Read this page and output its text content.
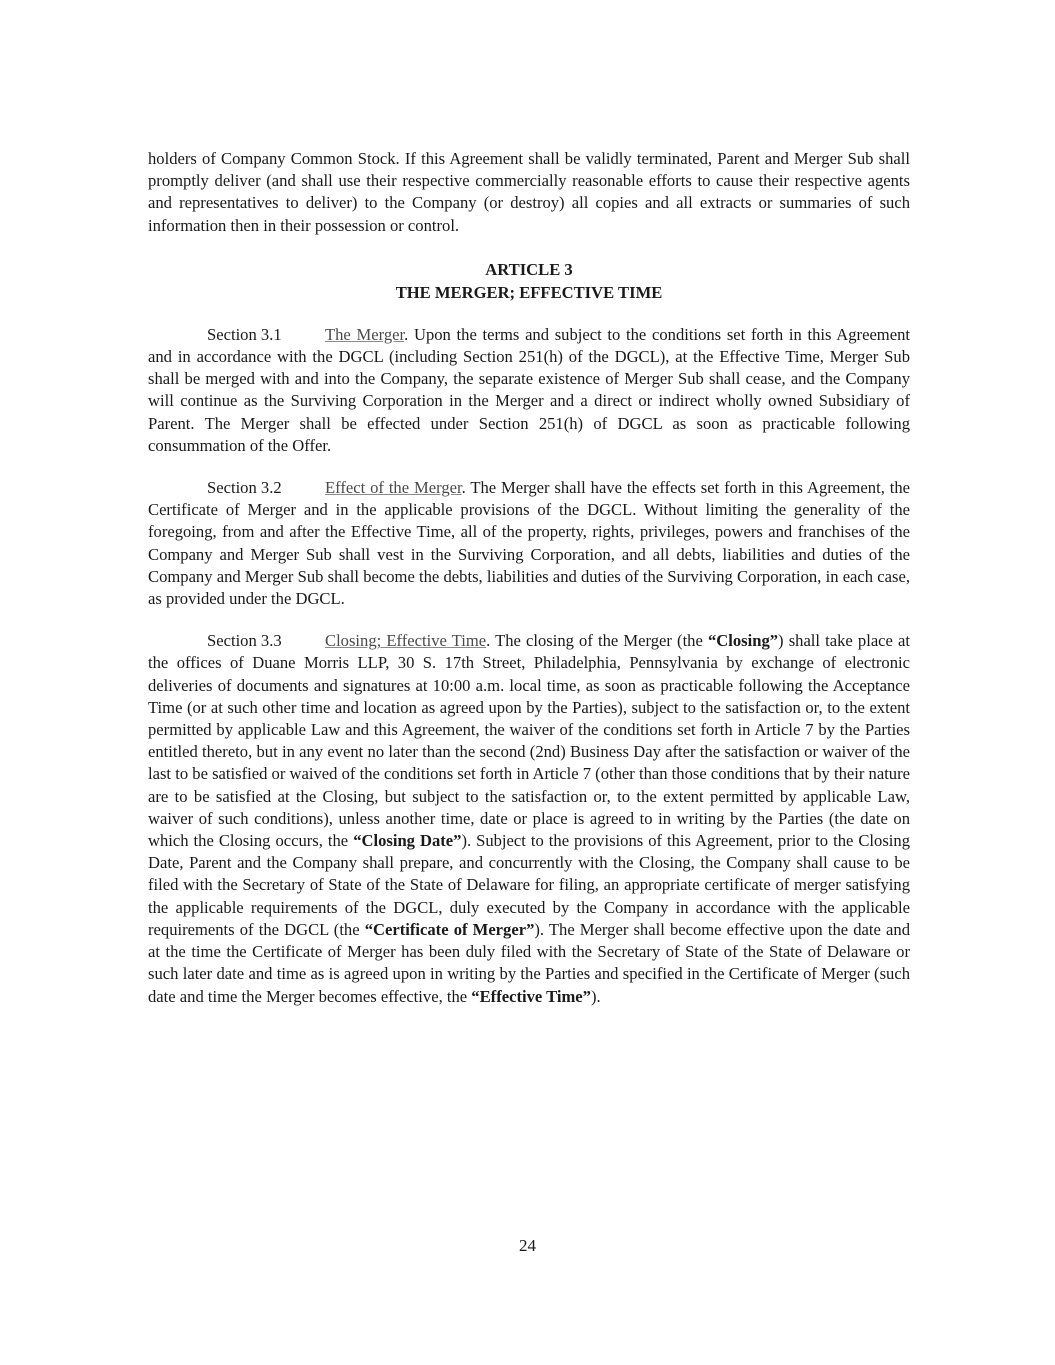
holders of Company Common Stock. If this Agreement shall be validly terminated, Parent and Merger Sub shall promptly deliver (and shall use their respective commercially reasonable efforts to cause their respective agents and representatives to deliver) to the Company (or destroy) all copies and all extracts or summaries of such information then in their possession or control.

ARTICLE 3
THE MERGER; EFFECTIVE TIME

Section 3.1	The Merger. Upon the terms and subject to the conditions set forth in this Agreement and in accordance with the DGCL (including Section 251(h) of the DGCL), at the Effective Time, Merger Sub shall be merged with and into the Company, the separate existence of Merger Sub shall cease, and the Company will continue as the Surviving Corporation in the Merger and a direct or indirect wholly owned Subsidiary of Parent. The Merger shall be effected under Section 251(h) of DGCL as soon as practicable following consummation of the Offer.

Section 3.2	Effect of the Merger. The Merger shall have the effects set forth in this Agreement, the Certificate of Merger and in the applicable provisions of the DGCL. Without limiting the generality of the foregoing, from and after the Effective Time, all of the property, rights, privileges, powers and franchises of the Company and Merger Sub shall vest in the Surviving Corporation, and all debts, liabilities and duties of the Company and Merger Sub shall become the debts, liabilities and duties of the Surviving Corporation, in each case, as provided under the DGCL.

Section 3.3	Closing; Effective Time. The closing of the Merger (the “Closing”) shall take place at the offices of Duane Morris LLP, 30 S. 17th Street, Philadelphia, Pennsylvania by exchange of electronic deliveries of documents and signatures at 10:00 a.m. local time, as soon as practicable following the Acceptance Time (or at such other time and location as agreed upon by the Parties), subject to the satisfaction or, to the extent permitted by applicable Law and this Agreement, the waiver of the conditions set forth in Article 7 by the Parties entitled thereto, but in any event no later than the second (2nd) Business Day after the satisfaction or waiver of the last to be satisfied or waived of the conditions set forth in Article 7 (other than those conditions that by their nature are to be satisfied at the Closing, but subject to the satisfaction or, to the extent permitted by applicable Law, waiver of such conditions), unless another time, date or place is agreed to in writing by the Parties (the date on which the Closing occurs, the “Closing Date”). Subject to the provisions of this Agreement, prior to the Closing Date, Parent and the Company shall prepare, and concurrently with the Closing, the Company shall cause to be filed with the Secretary of State of the State of Delaware for filing, an appropriate certificate of merger satisfying the applicable requirements of the DGCL, duly executed by the Company in accordance with the applicable requirements of the DGCL (the “Certificate of Merger”). The Merger shall become effective upon the date and at the time the Certificate of Merger has been duly filed with the Secretary of State of the State of Delaware or such later date and time as is agreed upon in writing by the Parties and specified in the Certificate of Merger (such date and time the Merger becomes effective, the “Effective Time”).

24
